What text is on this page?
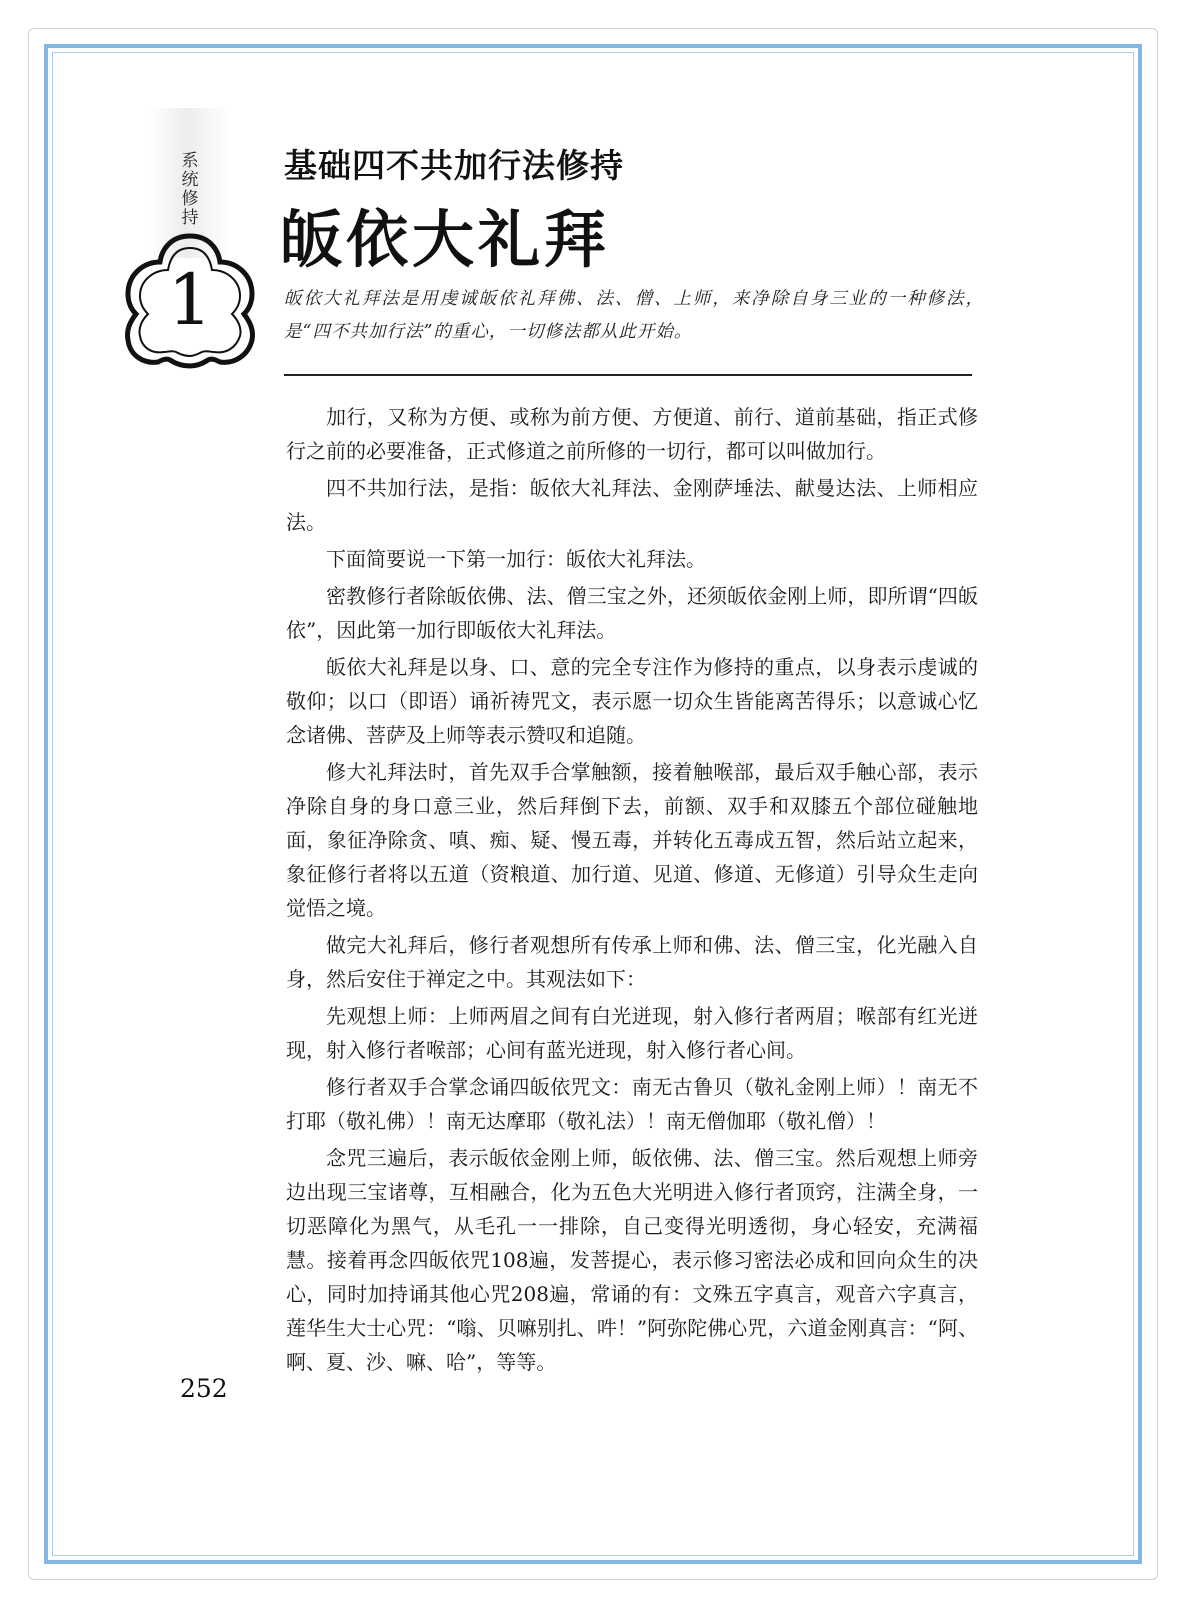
系
统
修
持
1
基础四不共加行法修持
皈依大礼拜
皈依大礼拜法是用虔诚皈依礼拜佛、法、僧、上师，来净除自身三业的一种修法，是“四不共加行法”的重心，一切修法都从此开始。

加行，又称为方便、或称为前方便、方便道、前行、道前基础，指正式修行之前的必要准备，正式修道之前所修的一切行，都可以叫做加行。

四不共加行法，是指：皈依大礼拜法、金刚萨埵法、献曼达法、上师相应法。

下面简要说一下第一加行：皈依大礼拜法。

密教修行者除皈依佛、法、僧三宝之外，还须皈依金刚上师，即所谓“四皈依”，因此第一加行即皈依大礼拜法。

皈依大礼拜是以身、口、意的完全专注作为修持的重点，以身表示虔诚的敬仰；以口（即语）诵祈祷咒文，表示愿一切众生皆能离苦得乐；以意诚心忆念诸佛、菩萨及上师等表示赞叹和追随。

修大礼拜法时，首先双手合掌触额，接着触喉部，最后双手触心部，表示净除自身的身口意三业，然后拜倒下去，前额、双手和双膝五个部位碰触地面，象征净除贪、嗔、痴、疑、慢五毒，并转化五毒成五智，然后站立起来，象征修行者将以五道（资粮道、加行道、见道、修道、无修道）引导众生走向觉悟之境。

做完大礼拜后，修行者观想所有传承上师和佛、法、僧三宝，化光融入自身，然后安住于禅定之中。其观法如下：

先观想上师：上师两眉之间有白光迸现，射入修行者两眉；喉部有红光迸现，射入修行者喉部；心间有蓝光迸现，射入修行者心间。

修行者双手合掌念诵四皈依咒文：南无古鲁贝（敬礼金刚上师）！南无不打耶（敬礼佛）！南无达摩耶（敬礼法）！南无僧伽耶（敬礼僧）！

念咒三遍后，表示皈依金刚上师，皈依佛、法、僧三宝。然后观想上师旁边出现三宝诸尊，互相融合，化为五色大光明进入修行者顶窍，注满全身，一切恶障化为黑气，从毛孔一一排除，自己变得光明透彻，身心轻安，充满福慧。接着再念四皈依咒108遍，发菩提心，表示修习密法必成和回向众生的决心，同时加持诵其他心咒208遍，常诵的有：文殊五字真言，观音六字真言，莲华生大士心咒：“嗡、贝嘛别扎、吽！”阿弥陀佛心咒，六道金刚真言：“阿、啊、夏、沙、嘛、哈”，等等。

252
